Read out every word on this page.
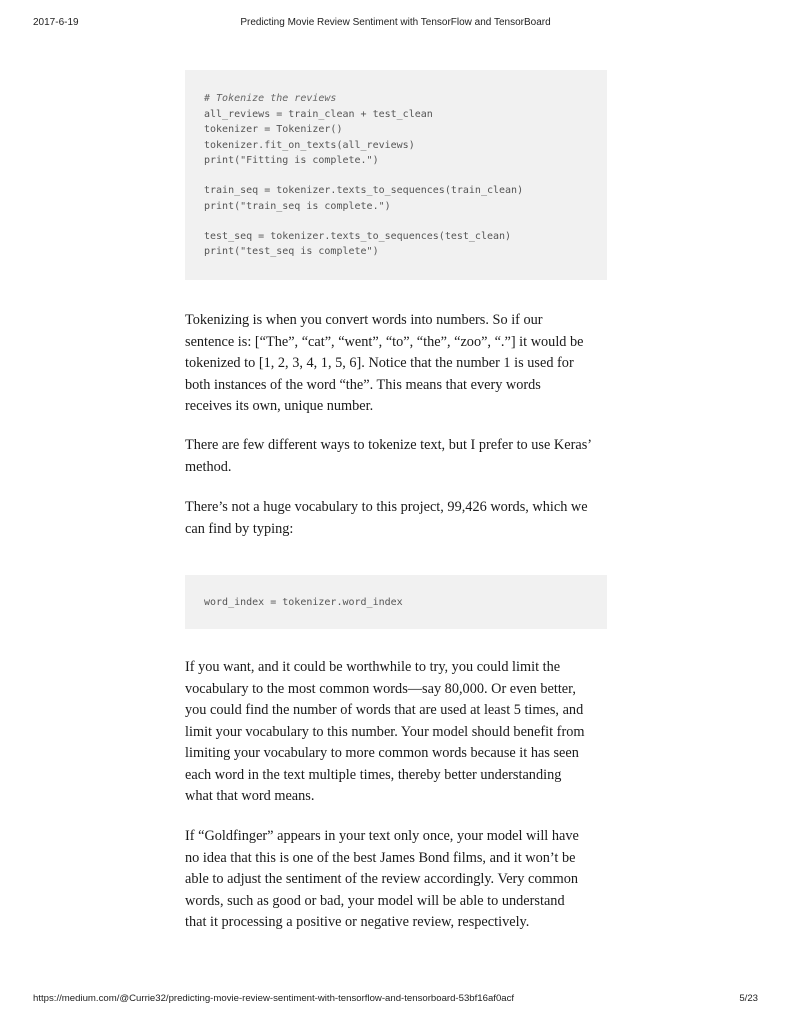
2017-6-19	Predicting Movie Review Sentiment with TensorFlow and TensorBoard
# Tokenize the reviews
all_reviews = train_clean + test_clean
tokenizer = Tokenizer()
tokenizer.fit_on_texts(all_reviews)
print("Fitting is complete.")
train_seq = tokenizer.texts_to_sequences(train_clean)
print("train_seq is complete.")
test_seq = tokenizer.texts_to_sequences(test_clean)
print("test_seq is complete")

Tokenizing is when you convert words into numbers. So if our
sentence is: [“The”, “cat”, “went”, “to”, “the”, “zoo”, “.”] it would be
tokenized to [1, 2, 3, 4, 1, 5, 6]. Notice that the number 1 is used for
both instances of the word “the”. This means that every words
receives its own, unique number.

There are few different ways to tokenize text, but I prefer to use Keras’
method.

There’s not a huge vocabulary to this project, 99,426 words, which we
can find by typing:

word_index = tokenizer.word_index

If you want, and it could be worthwhile to try, you could limit the
vocabulary to the most common words—say 80,000. Or even better,
you could find the number of words that are used at least 5 times, and
limit your vocabulary to this number. Your model should benefit from
limiting your vocabulary to more common words because it has seen
each word in the text multiple times, thereby better understanding
what that word means.

If “Goldfinger” appears in your text only once, your model will have
no idea that this is one of the best James Bond films, and it won’t be
able to adjust the sentiment of the review accordingly. Very common
words, such as good or bad, your model will be able to understand
that it processing a positive or negative review, respectively.

https://medium.com/@Currie32/predicting-movie-review-sentiment-with-tensorflow-and-tensorboard-53bf16af0acf	5/23
